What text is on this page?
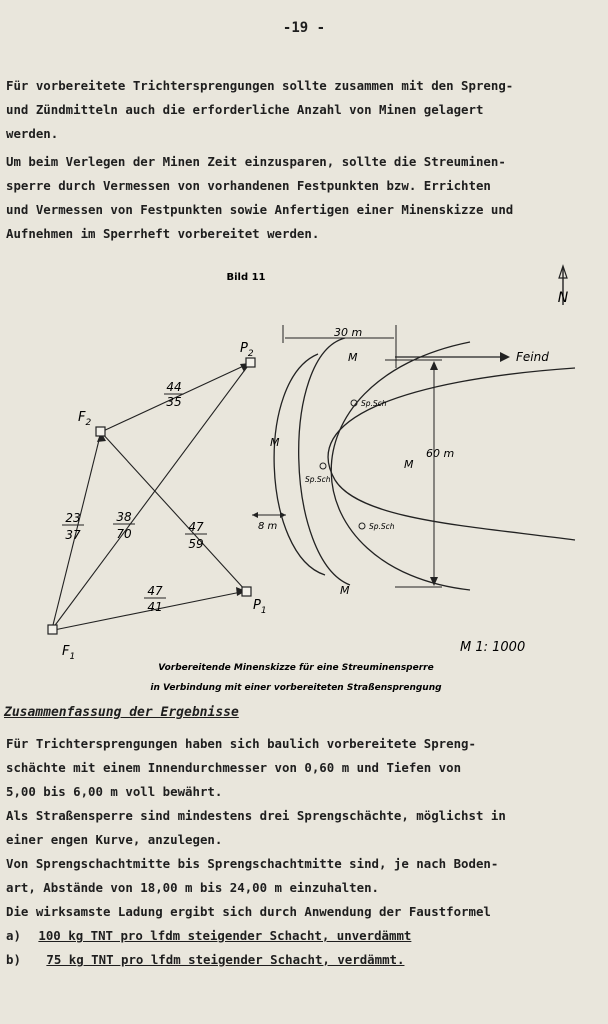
-19 -
Für vorbereitete Trichtersprengungen sollte zusammen mit den Spreng-
und Zündmitteln auch die erforderliche Anzahl von Minen gelagert
werden.
Um beim Verlegen der Minen Zeit einzusparen, sollte die Streuminen-
sperre durch Vermessen von vorhandenen Festpunkten bzw. Errichten
und Vermessen von Festpunkten sowie Anfertigen einer Minenskizze und
Aufnehmen im Sperrheft vorbereitet werden.
Bild 11
N
Feind
30 m
60 m
8 m
M
M
M
M
Sp.Sch
Sp.Sch
Sp.Sch
$P_2$
$F_2$
$F_1$
$P_1$
44
35
23
37
38
70	47
59
47
41
M 1: 1000
Vorbereitende Minenskizze für eine Streuminensperre
in Verbindung mit einer vorbereiteten Straßensprengung
Zusammenfassung der Ergebnisse
Für Trichtersprengungen haben sich baulich vorbereitete Spreng-
schächte mit einem Innendurchmesser von 0,60 m und Tiefen von
5,00 bis 6,00 m voll bewährt.
Als Straßensperre sind mindestens drei Sprengschächte, möglichst in
einer engen Kurve, anzulegen.
Von Sprengschachtmitte bis Sprengschachtmitte sind, je nach Boden-
art, Abstände von 18,00 m bis 24,00 m einzuhalten.
Die wirksamste Ladung ergibt sich durch Anwendung der Faustformel
a) 100 kg TNT pro lfdm steigender Schacht, unverdämmt
b) 75 kg TNT pro lfdm steigender Schacht, verdämmt.
